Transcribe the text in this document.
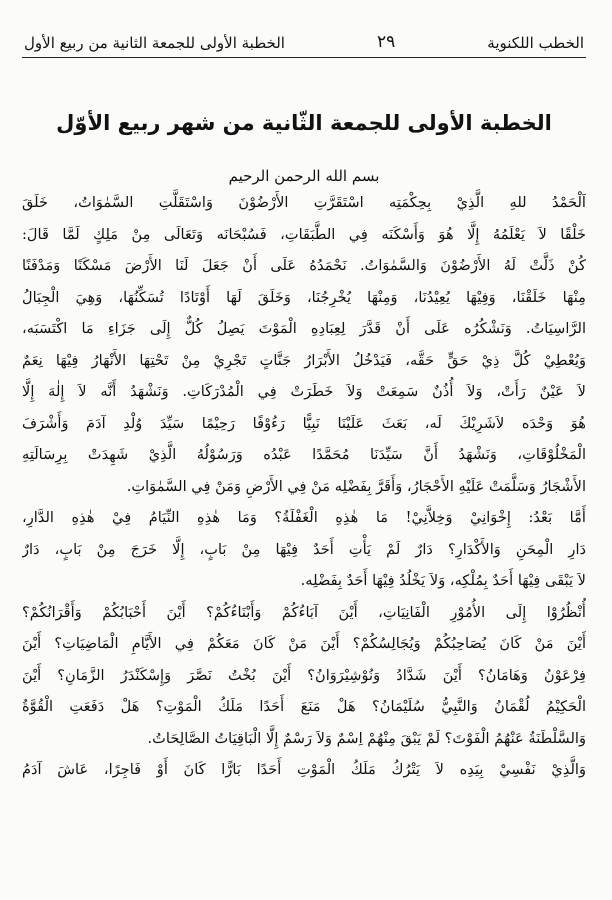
الخطب اللكنوية
٢٩
الخطبة الأولى للجمعة الثانية من ربيع الأول
الخطبة الأولى للجمعة الثّانية من شهر ربيع الأوّل
بسم الله الرحمن الرحيم

اَلْحَمْدُ للهِ الَّذِيْ بِحِكْمَتِه اسْتَقَرَّتِ الأَرْضُوْنَ وَاسْتَقَلَّتِ السَّمٰوَاتُ، خَلَقَ
خَلْقًا لاَ يَعْلَمُهُ إِلَّا هُوَ وَأَسْكَنَه فِي الطَّبَقَاتِ، فَسُبْحَانَه وَتَعَالَى مِنْ مَلِكٍ لَمَّا قَالَ:
كُنْ ذَلَّتْ لَهُ الأَرْضُوْنَ وَالسَّمٰوَاتُ. نَحْمَدُهُ عَلَى أَنْ جَعَلَ لَنَا الأَرْضَ مَسْكَنًا وَمَدْفَنًا
مِنْهَا خَلَقْنَا، وَفِيْهَا يُعِيْدُنَا، وَمِنْهَا يُخْرِجُنَا، وَخَلَقَ لَهَا أَوْتَادًا تُسَكِّنُهَا، وَهِيَ الْجِبَالُ
الرَّاسِيَاتُ. وَنَشْكُرُه عَلَى أَنْ قَدَّرَ لِعِبَادِهِ الْمَوْتَ يَصِلُ كُلٌّ إِلَى جَزَاءِ مَا اكْتَسَبَه،
وَيُعْطِيْ كُلَّ ذِيْ حَقٍّ حَقَّه، فَيَدْخُلُ الأَبْرَارُ جَنَّاتٍ تَجْرِيْ مِنْ تَحْتِهَا الأَنْهَارُ فِيْهَا نِعَمٌ
لاَ عَيْنٌ رَأَتْ، وَلاَ أُذُنٌ سَمِعَتْ وَلاَ خَطَرَتْ فِي الْمُدْرَكَاتِ. وَنَشْهَدُ أَنَّه لاَ إِلٰهَ إِلَّا
هُوَ وَحْدَه لاَشَرِيْكَ لَه، بَعَثَ عَلَيْنَا نَبِيًّا رَءُوْفًا رَحِيْمًا سَيِّدَ وُلْدِ آدَمَ وَأَشْرَفَ
الْمَخْلُوْقَاتِ، وَنَشْهَدُ أَنَّ سَيِّدَنَا مُحَمَّدًا عَبْدُه وَرَسُوْلُهُ الَّذِيْ شَهِدَتْ بِرِسَالَتِهِ
الأَشْجَارُ وَسَلَّمَتْ عَلَيْهِ الأَحْجَارُ، وَأَقَرَّ بِفَضْلِه مَنْ فِي الأَرْضِ وَمَنْ فِي السَّمٰوَاتِ.

أَمَّا بَعْدُ: إِخْوَانِيْ وَخِلاَّنِيْ! مَا هٰذِهِ الْغَفْلَةُ؟ وَمَا هٰذِهِ النِّيَامُ فِيْ هٰذِهِ الدَّارِ،
دَارِ الْمِحَنِ وَالأَكْدَارِ؟ دَارٌ لَمْ يَأْتِ أَحَدٌ فِيْهَا مِنْ بَابٍ، إِلَّا خَرَجَ مِنْ بَابٍ، دَارٌ
لاَ يَبْقَى فِيْهَا أَحَدٌ بِمُلْكِه، وَلاَ يَخْلُدُ فِيْهَا أَحَدٌ بِفَضْلِه.

أُنْظُرُوْا إِلَى الأُمُوْرِ الْفَانِيَاتِ، أَيْنَ آبَاءُكُمْ وَأَبْنَاءُكُمْ؟ أَيْنَ أَحْبَابُكُمْ وَأَقْرَانُكُمْ؟
أَيْنَ مَنْ كَانَ يُصَاحِبُكُمْ وَيُجَالِسُكُمْ؟ أَيْنَ مَنْ كَانَ مَعَكُمْ فِي الأَيَّامِ الْمَاضِيَاتِ؟ أَيْنَ
فِرْعَوْنُ وَهَامَانُ؟ أَيْنَ شَدَّادُ وَنُوْشِيْرَوَانُ؟ أَيْنَ بُخْتُ نَصَّرَ وَإِسْكَنْدَرُ الزَّمَانِ؟ أَيْنَ
الْحَكِيْمُ لُقْمَانُ وَالنَّبِيُّ سُلَيْمَانُ؟ هَلْ مَنَعَ أَحَدًا مَلَكُ الْمَوْتِ؟ هَلْ دَفَعَتِ الْقُوَّةُ
وَالسَّلْطَنَةُ عَنْهُمُ الْفَوْتَ؟ لَمْ يَبْقَ مِنْهُمْ اِسْمٌ وَلاَ رَسْمٌ إِلَّا الْبَاقِيَاتُ الصَّالِحَاتُ.

وَالَّذِيْ نَفْسِيْ بِيَدِه لاَ يَتْرُكُ مَلَكُ الْمَوْتِ أَحَدًا بَارًّا كَانَ أَوْ فَاجِرًا، عَاشَ آدَمُ
